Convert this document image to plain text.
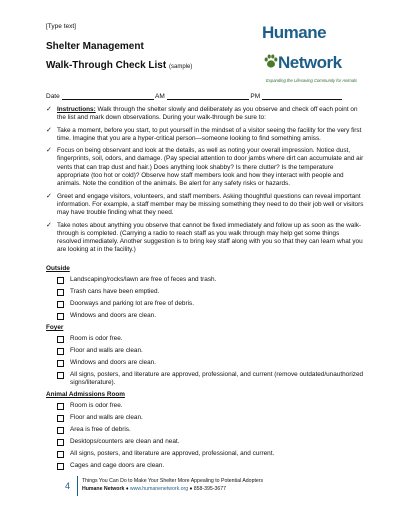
[Type text]
Shelter Management
Walk-Through Check List (sample)
Humane
Network
Expanding the Lifesaving Community for Animals
Date	AM	PM
✓ Instructions: Walk through the shelter slowly and deliberately as you observe and check off each point on the list and mark down observations. During your walk-through be sure to:
✓ Take a moment, before you start, to put yourself in the mindset of a visitor seeing the facility for the very first time. Imagine that you are a hyper-critical person—someone looking to find something amiss.
✓ Focus on being observant and look at the details, as well as noting your overall impression. Notice dust, fingerprints, soil, odors, and damage. (Pay special attention to door jambs where dirt can accumulate and air vents that can trap dust and hair.) Does anything look shabby? Is there clutter? Is the temperature appropriate (too hot or cold)? Observe how staff members look and how they interact with people and animals. Note the condition of the animals. Be alert for any safety risks or hazards.
✓ Greet and engage visitors, volunteers, and staff members. Asking thoughtful questions can reveal important information. For example, a staff member may be missing something they need to do their job well or visitors may have trouble finding what they need.
✓ Take notes about anything you observe that cannot be fixed immediately and follow up as soon as the walk-through is completed. (Carrying a radio to reach staff as you walk through may help get some things resolved immediately. Another suggestion is to bring key staff along with you so that they can learn what you are looking at in the facility.)
Outside
Landscaping/rocks/lawn are free of feces and trash.
Trash cans have been emptied.
Doorways and parking lot are free of debris.
Windows and doors are clean.
Foyer
Room is odor free.
Floor and walls are clean.
Windows and doors are clean.
All signs, posters, and literature are approved, professional, and current (remove outdated/unauthorized signs/literature).
Animal Admissions Room
Room is odor free.
Floor and walls are clean.
Area is free of debris.
Desktops/counters are clean and neat.
All signs, posters, and literature are approved, professional, and current.
Cages and cage doors are clean.
4 Things You Can Do to Make Your Shelter More Appealing to Potential Adopters
Humane Network ♦ www.humanenetwork.org ♦ 858-395-3677
